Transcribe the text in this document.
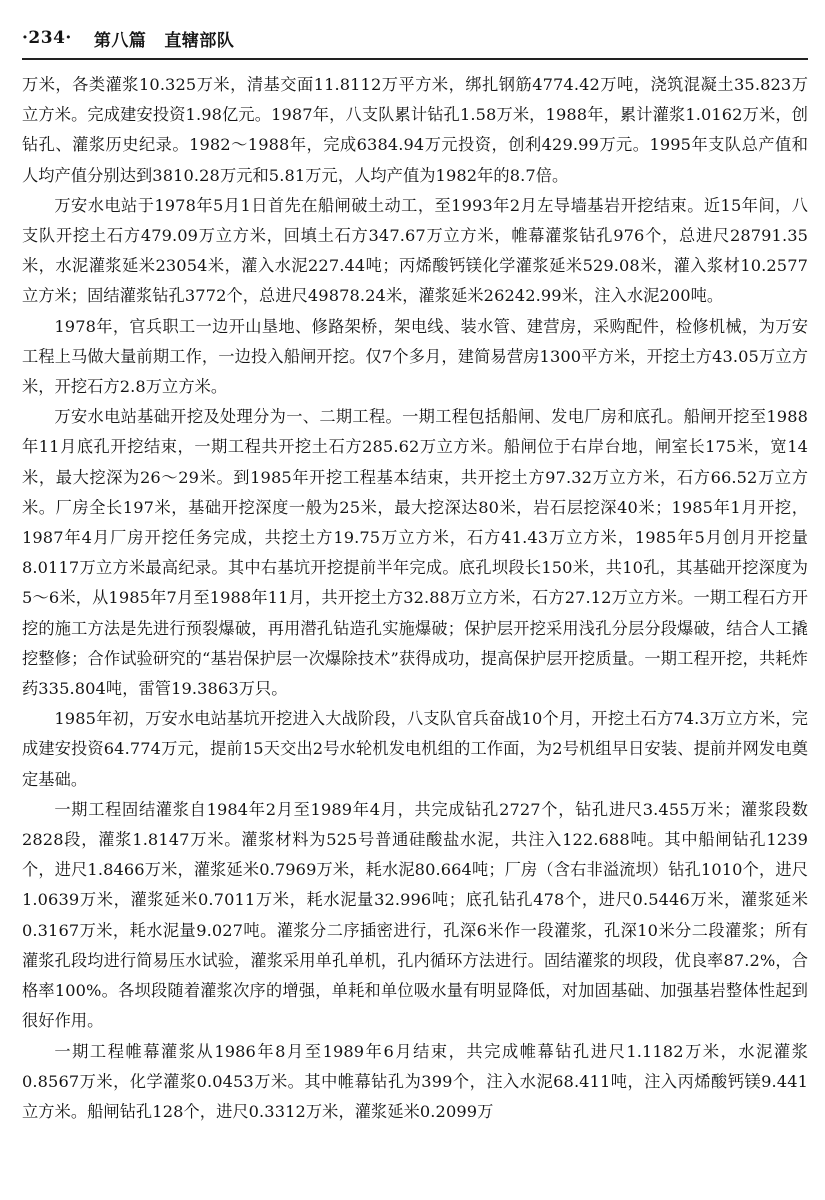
·234· 第八篇 直辖部队

万米，各类灌浆10.325万米，清基交面11.8112万平方米，绑扎钢筋4774.42万吨，浇筑混凝土35.823万立方米。完成建安投资1.98亿元。1987年，八支队累计钻孔1.58万米，1988年，累计灌浆1.0162万米，创钻孔、灌浆历史纪录。1982～1988年，完成6384.94万元投资，创利429.99万元。1995年支队总产值和人均产值分别达到3810.28万元和5.81万元，人均产值为1982年的8.7倍。

万安水电站于1978年5月1日首先在船闸破土动工，至1993年2月左导墙基岩开挖结束。近15年间，八支队开挖土石方479.09万立方米，回填土石方347.67万立方米，帷幕灌浆钻孔976个，总进尺28791.35米，水泥灌浆延米23054米，灌入水泥227.44吨；丙烯酸钙镁化学灌浆延米529.08米，灌入浆材10.2577立方米；固结灌浆钻孔3772个，总进尺49878.24米，灌浆延米26242.99米，注入水泥200吨。

1978年，官兵职工一边开山垦地、修路架桥，架电线、装水管、建营房，采购配件，检修机械，为万安工程上马做大量前期工作，一边投入船闸开挖。仅7个多月，建简易营房1300平方米，开挖土方43.05万立方米，开挖石方2.8万立方米。

万安水电站基础开挖及处理分为一、二期工程。一期工程包括船闸、发电厂房和底孔。船闸开挖至1988年11月底孔开挖结束，一期工程共开挖土石方285.62万立方米。船闸位于右岸台地，闸室长175米，宽14米，最大挖深为26～29米。到1985年开挖工程基本结束，共开挖土方97.32万立方米，石方66.52万立方米。厂房全长197米，基础开挖深度一般为25米，最大挖深达80米，岩石层挖深40米；1985年1月开挖，1987年4月厂房开挖任务完成，共挖土方19.75万立方米，石方41.43万立方米，1985年5月创月开挖量8.0117万立方米最高纪录。其中右基坑开挖提前半年完成。底孔坝段长150米，共10孔，其基础开挖深度为5～6米，从1985年7月至1988年11月，共开挖土方32.88万立方米，石方27.12万立方米。一期工程石方开挖的施工方法是先进行预裂爆破，再用潜孔钻造孔实施爆破；保护层开挖采用浅孔分层分段爆破，结合人工撬挖整修；合作试验研究的“基岩保护层一次爆除技术”获得成功，提高保护层开挖质量。一期工程开挖，共耗炸药335.804吨，雷管19.3863万只。

1985年初，万安水电站基坑开挖进入大战阶段，八支队官兵奋战10个月，开挖土石方74.3万立方米，完成建安投资64.774万元，提前15天交出2号水轮机发电机组的工作面，为2号机组早日安装、提前并网发电奠定基础。

一期工程固结灌浆自1984年2月至1989年4月，共完成钻孔2727个，钻孔进尺3.455万米；灌浆段数2828段，灌浆1.8147万米。灌浆材料为525号普通硅酸盐水泥，共注入122.688吨。其中船闸钻孔1239个，进尺1.8466万米，灌浆延米0.7969万米，耗水泥80.664吨；厂房（含右非溢流坝）钻孔1010个，进尺1.0639万米，灌浆延米0.7011万米，耗水泥量32.996吨；底孔钻孔478个，进尺0.5446万米，灌浆延米0.3167万米，耗水泥量9.027吨。灌浆分二序插密进行，孔深6米作一段灌浆，孔深10米分二段灌浆；所有灌浆孔段均进行简易压水试验，灌浆采用单孔单机，孔内循环方法进行。固结灌浆的坝段，优良率87.2%，合格率100%。各坝段随着灌浆次序的增强，单耗和单位吸水量有明显降低，对加固基础、加强基岩整体性起到很好作用。

一期工程帷幕灌浆从1986年8月至1989年6月结束，共完成帷幕钻孔进尺1.1182万米，水泥灌浆0.8567万米，化学灌浆0.0453万米。其中帷幕钻孔为399个，注入水泥68.411吨，注入丙烯酸钙镁9.441立方米。船闸钻孔128个，进尺0.3312万米，灌浆延米0.2099万
